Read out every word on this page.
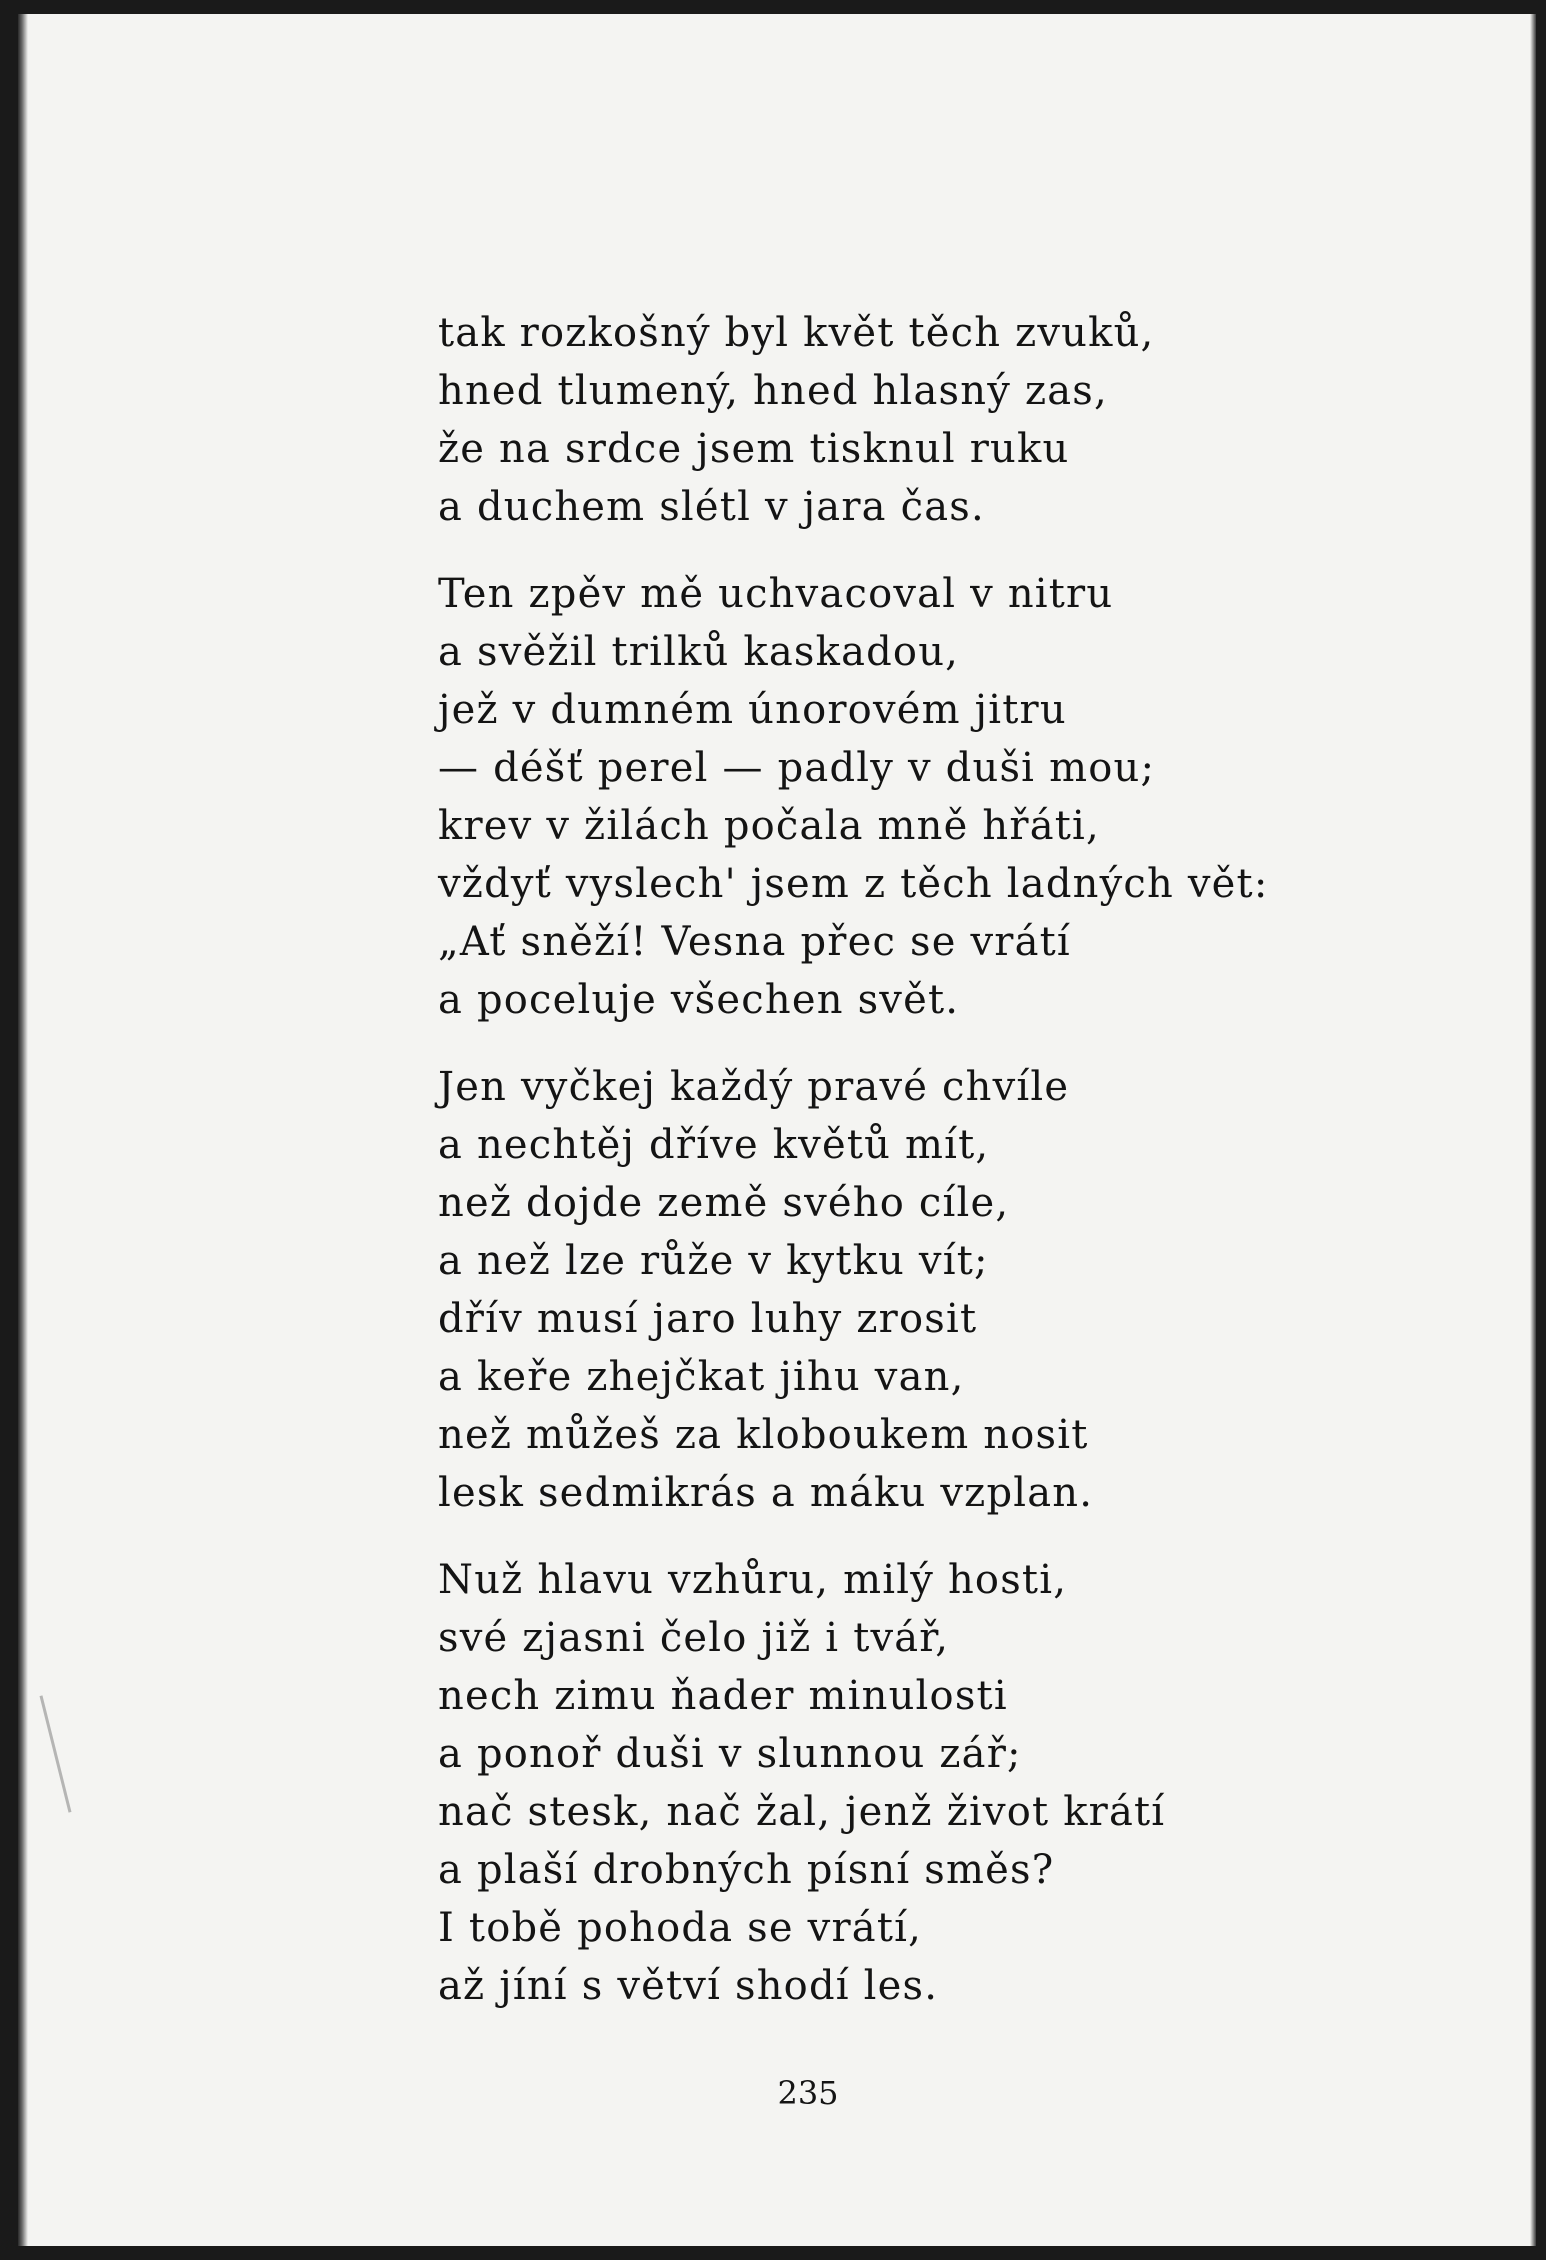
tak rozkošný byl květ těch zvuků,
hned tlumený, hned hlasný zas,
že na srdce jsem tisknul ruku
a duchem slétl v jara čas.
Ten zpěv mě uchvacoval v nitru
a svěžil trilků kaskadou,
jež v dumném únorovém jitru
— déšť perel — padly v duši mou;
krev v žilách počala mně hřáti,
vždyť vyslech' jsem z těch ladných vět:
„Ať sněží! Vesna přec se vrátí
a poceluje všechen svět.
Jen vyčkej každý pravé chvíle
a nechtěj dříve květů mít,
než dojde země svého cíle,
a než lze růže v kytku vít;
dřív musí jaro luhy zrosit
a keře zhejčkat jihu van,
než můžeš za kloboukem nosit
lesk sedmikrás a máku vzplan.
Nuž hlavu vzhůru, milý hosti,
své zjasni čelo již i tvář,
nech zimu ňader minulosti
a ponoř duši v slunnou zář;
nač stesk, nač žal, jenž život krátí
a plaší drobných písní směs?
I tobě pohoda se vrátí,
až jíní s větví shodí les.
235
